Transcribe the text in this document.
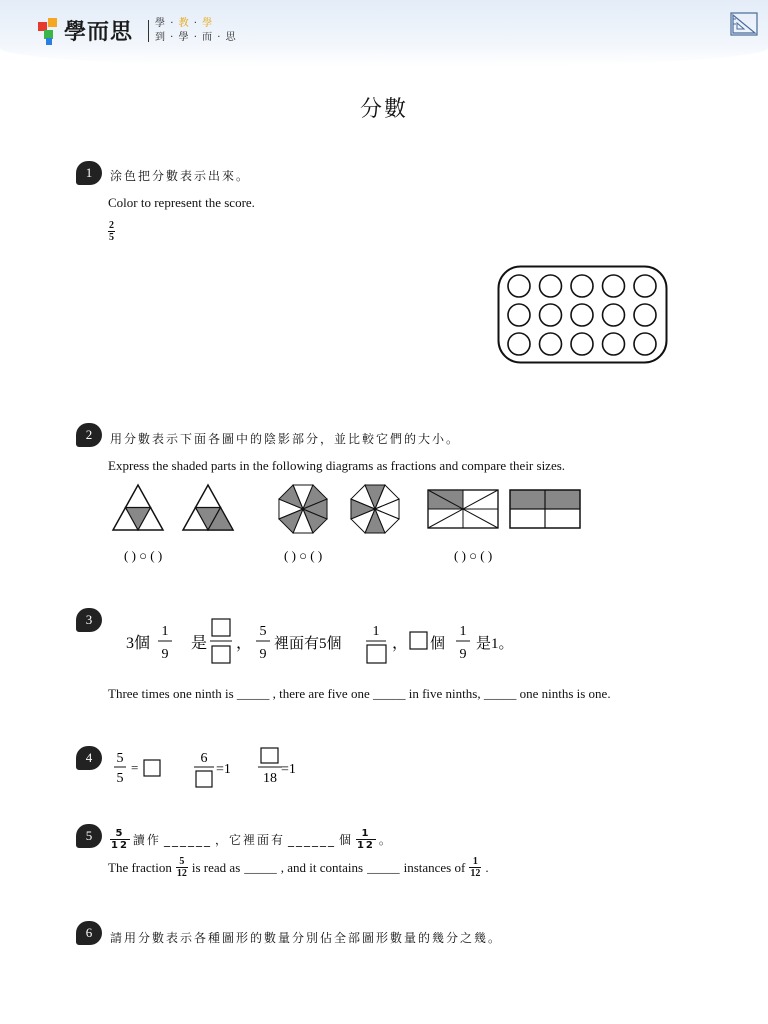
學而思 學 · 教 · 學
到 · 學 · 而 · 思
分數
1	涂色把分數表示出來。
Color to represent the score.
$\frac{2}{5}$
2	用分數表示下面各圖中的陰影部分，並比較它們的大小。
Express the shaded parts in the following diagrams as fractions and compare their sizes.
( ) ○ ( )	( ) ○ ( )	( ) ○ ( )
3
3個
1
9
是 ，
5
9
裡面有5個
1
， 個
1
9
是1。
Three times one ninth is _____ , there are five one _____ in five ninths, _____ one ninths is one.
4	5
5
=
6
=1
18
=1
5	$\frac{5}{12}$ 讀作 ______ ，它裡面有 ______ 個 $\frac{1}{12}$ 。
The fraction $\frac{5}{12}$ is read as _____ , and it contains _____ instances of $\frac{1}{12}$ .
6	請用分數表示各種圖形的數量分別佔全部圖形數量的幾分之幾。
